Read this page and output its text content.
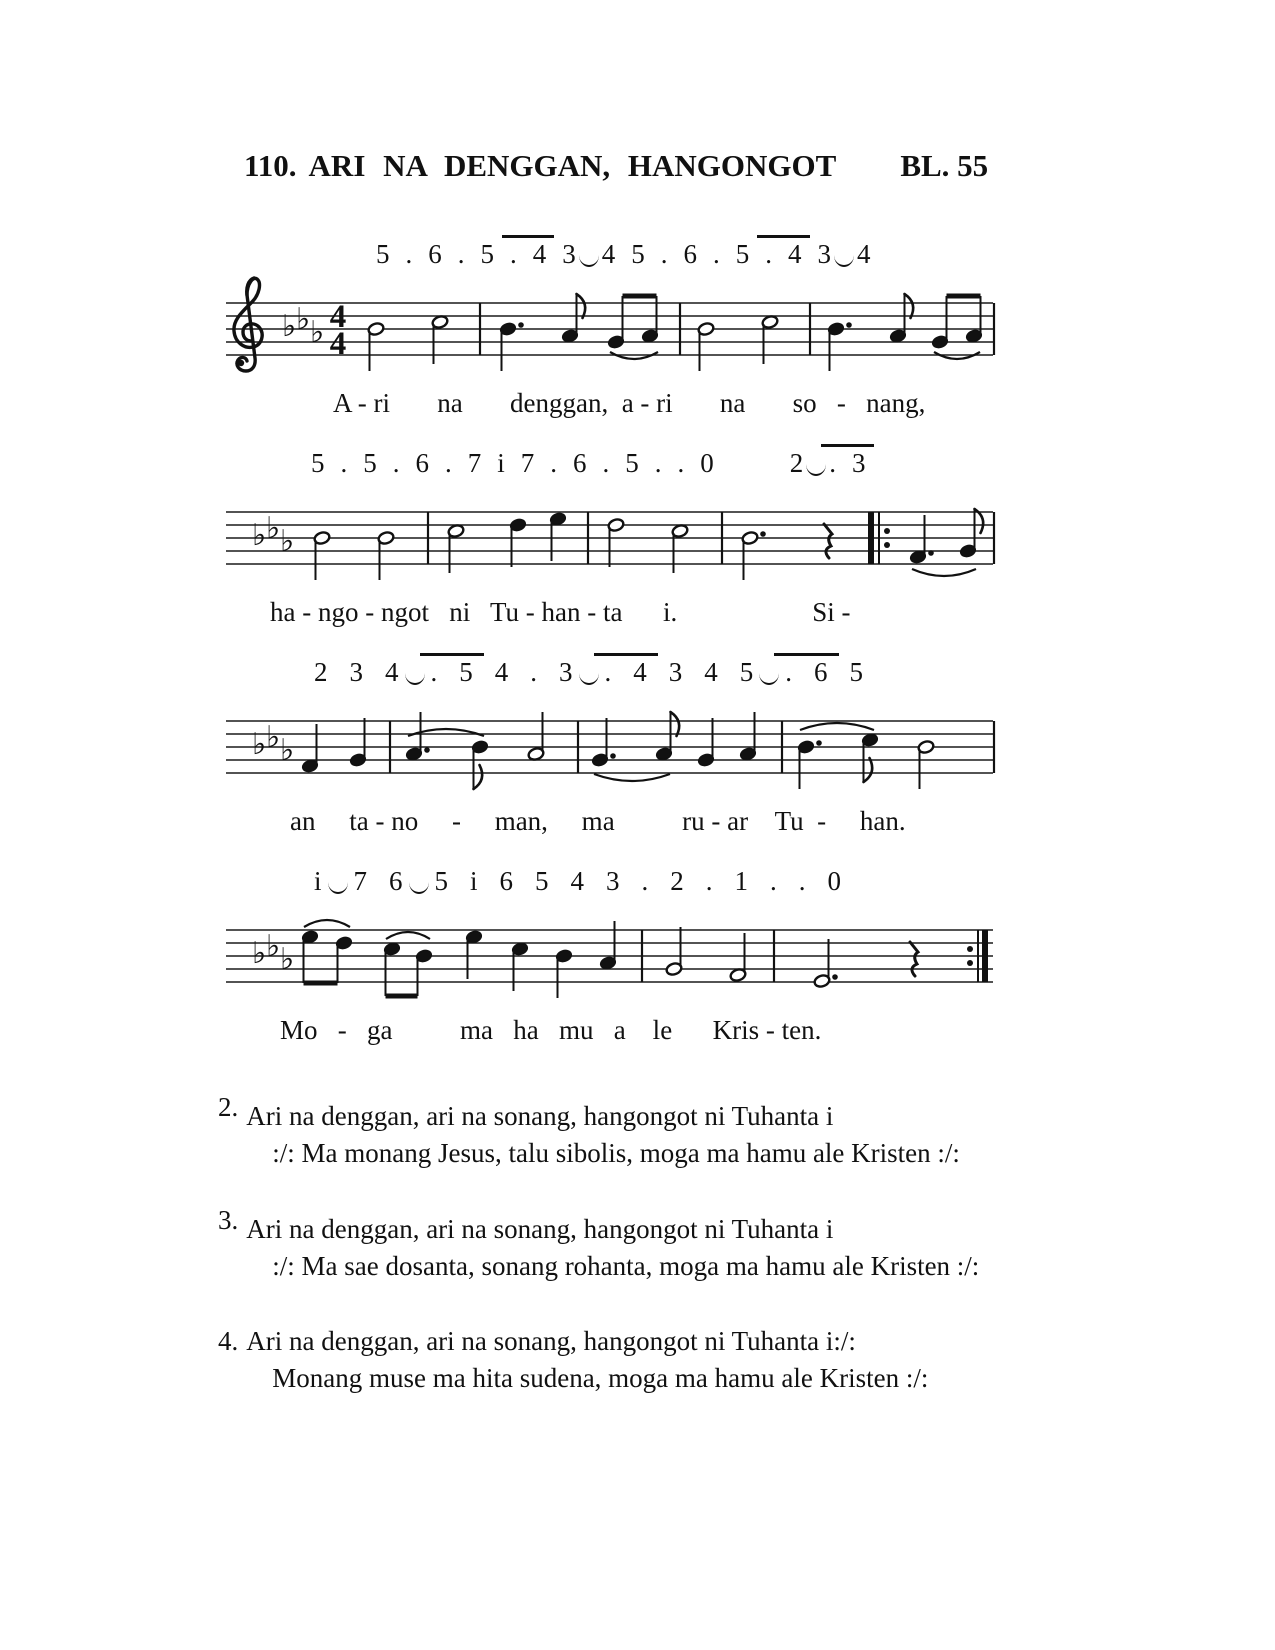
110. ARI NA DENGGAN, HANGONGOT BL. 55
5 . 6 . 5 . 4 3 4 5 . 6 . 5 . 4 3 4
♭ ♭ ♭ 4
4
A - ri       na       denggan,  a - ri       na       so   -   nang,
5 . 5 . 6 . 7 i 7 . 6 . 5 . . 0	2 . 3
♭ ♭ ♭
ha - ngo - ngot   ni   Tu - han - ta      i.                    Si -
2 3 4 . 5 4 . 3 . 4 3 4 5 . 6 5
♭ ♭ ♭
an     ta - no     -     man,     ma          ru - ar    Tu  -     han.
i 7 6 5 i 6 5 4 3 . 2 . 1 . . 0
♭ ♭ ♭
Mo   -   ga          ma   ha   mu   a    le      Kris - ten.
2. Ari na denggan, ari na sonang, hangongot ni Tuhanta i
:/: Ma monang Jesus, talu sibolis, moga ma hamu ale Kristen :/:
3. Ari na denggan, ari na sonang, hangongot ni Tuhanta i
:/: Ma sae dosanta, sonang rohanta, moga ma hamu ale Kristen :/:
4. Ari na denggan, ari na sonang, hangongot ni Tuhanta i:/:
Monang muse ma hita sudena, moga ma hamu ale Kristen :/:
